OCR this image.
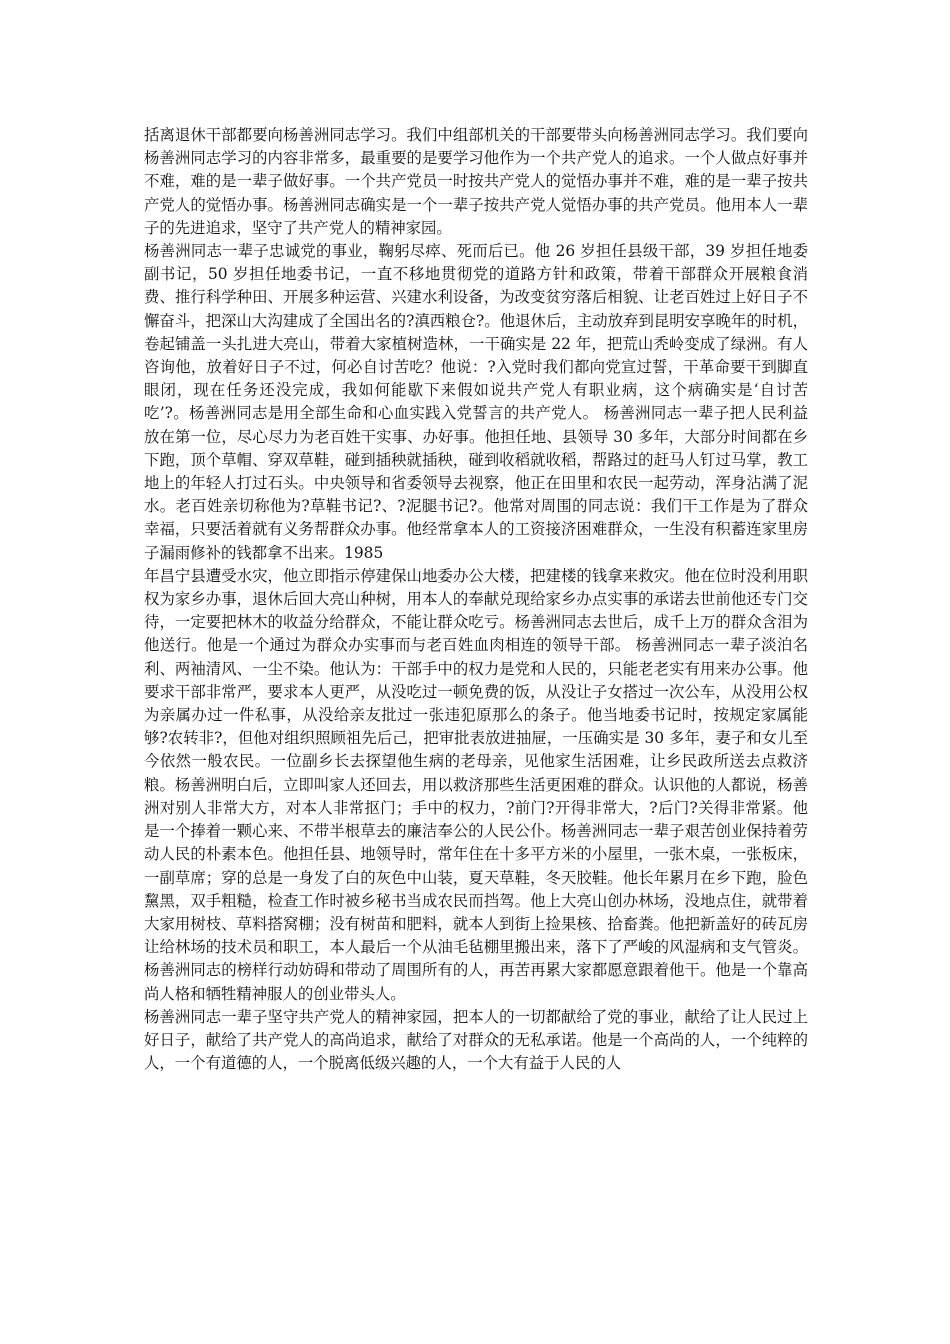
括离退休干部都要向杨善洲同志学习。我们中组部机关的干部要带头向杨善洲同志学习。我们要向杨善洲同志学习的内容非常多，最重要的是要学习他作为一个共产党人的追求。一个人做点好事并不难，难的是一辈子做好事。一个共产党员一时按共产党人的觉悟办事并不难，难的是一辈子按共产党人的觉悟办事。杨善洲同志确实是一个一辈子按共产党人觉悟办事的共产党员。他用本人一辈子的先进追求，坚守了共产党人的精神家园。

杨善洲同志一辈子忠诚党的事业，鞠躬尽瘁、死而后已。他 26 岁担任县级干部，39 岁担任地委副书记，50 岁担任地委书记，一直不移地贯彻党的道路方针和政策，带着干部群众开展粮食消费、推行科学种田、开展多种运营、兴建水利设备，为改变贫穷落后相貌、让老百姓过上好日子不懈奋斗，把深山大沟建成了全国出名的?滇西粮仓?。他退休后，主动放弃到昆明安享晚年的时机，卷起铺盖一头扎进大亮山，带着大家植树造林，一干确实是 22 年，把荒山秃岭变成了绿洲。有人咨询他，放着好日子不过，何必自讨苦吃？他说：?入党时我们都向党宣过誓，干革命要干到脚直眼闭，现在任务还没完成，我如何能歇下来假如说共产党人有职业病，这个病确实是‘自讨苦吃’?。杨善洲同志是用全部生命和心血实践入党誓言的共产党人。 杨善洲同志一辈子把人民利益放在第一位，尽心尽力为老百姓干实事、办好事。他担任地、县领导 30 多年，大部分时间都在乡下跑，顶个草帽、穿双草鞋，碰到插秧就插秧，碰到收稻就收稻，帮路过的赶马人钉过马掌，教工地上的年轻人打过石头。中央领导和省委领导去视察，他正在田里和农民一起劳动，浑身沾满了泥水。老百姓亲切称他为?草鞋书记?、?泥腿书记?。他常对周围的同志说：我们干工作是为了群众幸福，只要活着就有义务帮群众办事。他经常拿本人的工资接济困难群众，一生没有积蓄连家里房子漏雨修补的钱都拿不出来。1985

年昌宁县遭受水灾，他立即指示停建保山地委办公大楼，把建楼的钱拿来救灾。他在位时没利用职权为家乡办事，退休后回大亮山种树，用本人的奉献兑现给家乡办点实事的承诺去世前他还专门交待，一定要把林木的收益分给群众，不能让群众吃亏。杨善洲同志去世后，成千上万的群众含泪为他送行。他是一个通过为群众办实事而与老百姓血肉相连的领导干部。 杨善洲同志一辈子淡泊名利、两袖清风、一尘不染。他认为：干部手中的权力是党和人民的，只能老老实有用来办公事。他要求干部非常严，要求本人更严，从没吃过一顿免费的饭，从没让子女搭过一次公车，从没用公权为亲属办过一件私事，从没给亲友批过一张违犯原那么的条子。他当地委书记时，按规定家属能够?农转非?，但他对组织照顾祖先后己，把审批表放进抽屉，一压确实是 30 多年，妻子和女儿至今依然一般农民。一位副乡长去探望他生病的老母亲，见他家生活困难，让乡民政所送去点救济粮。杨善洲明白后，立即叫家人还回去，用以救济那些生活更困难的群众。认识他的人都说，杨善洲对别人非常大方，对本人非常抠门；手中的权力，?前门?开得非常大，?后门?关得非常紧。他是一个捧着一颗心来、不带半根草去的廉洁奉公的人民公仆。杨善洲同志一辈子艰苦创业保持着劳动人民的朴素本色。他担任县、地领导时，常年住在十多平方米的小屋里，一张木桌，一张板床，一副草席；穿的总是一身发了白的灰色中山装，夏天草鞋，冬天胶鞋。他长年累月在乡下跑，脸色黧黑，双手粗糙，检查工作时被乡秘书当成农民而挡驾。他上大亮山创办林场，没地点住，就带着大家用树枝、草料搭窝棚；没有树苗和肥料，就本人到街上捡果核、拾畜粪。他把新盖好的砖瓦房让给林场的技术员和职工，本人最后一个从油毛毡棚里搬出来，落下了严峻的风湿病和支气管炎。杨善洲同志的榜样行动妨碍和带动了周围所有的人，再苦再累大家都愿意跟着他干。他是一个靠高尚人格和牺牲精神服人的创业带头人。

杨善洲同志一辈子坚守共产党人的精神家园，把本人的一切都献给了党的事业，献给了让人民过上好日子，献给了共产党人的高尚追求，献给了对群众的无私承诺。他是一个高尚的人，一个纯粹的人，一个有道德的人，一个脱离低级兴趣的人，一个大有益于人民的人
